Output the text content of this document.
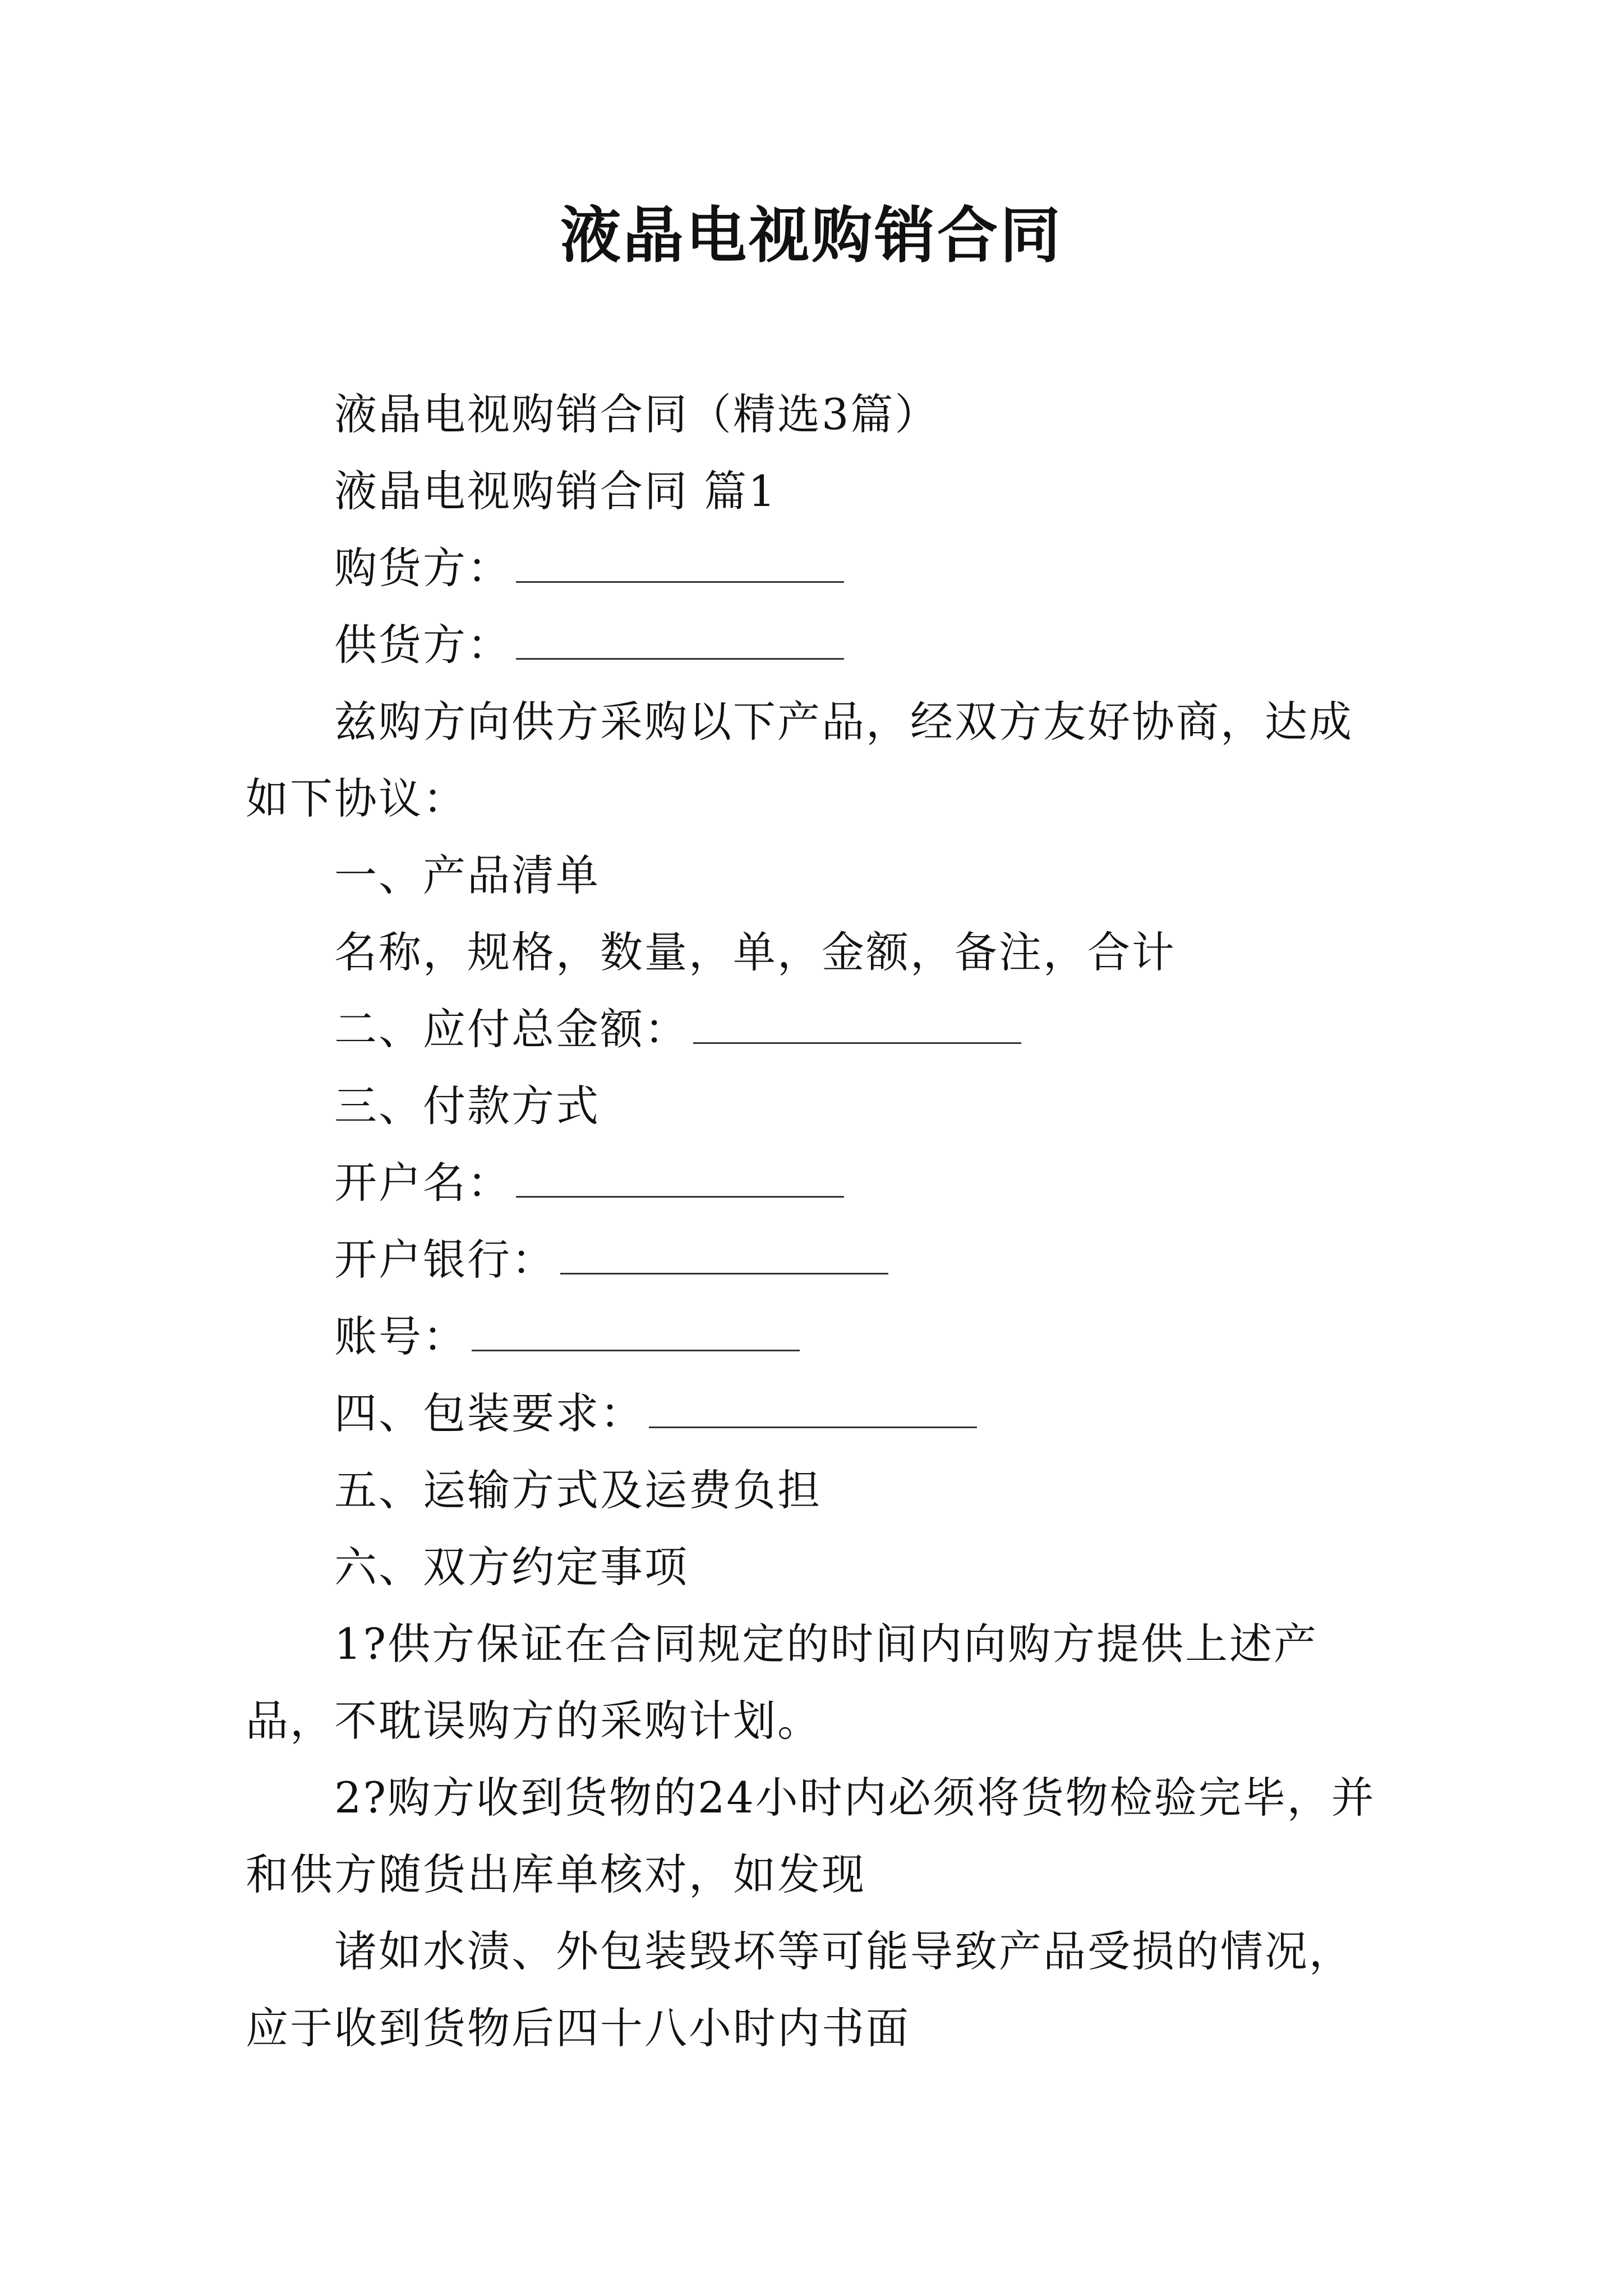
液晶电视购销合同

液晶电视购销合同（精选3篇）

液晶电视购销合同 篇1

购货方：
供货方：

兹购方向供方采购以下产品，经双方友好协商，达成如下协议：

一、产品清单

名称，规格，数量，单，金额，备注，合计

二、应付总金额：

三、付款方式

开户名：
开户银行：
账号：
四、包装要求：

五、运输方式及运费负担

六、双方约定事项

1?供方保证在合同规定的时间内向购方提供上述产品，不耽误购方的采购计划。

2?购方收到货物的24小时内必须将货物检验完毕，并和供方随货出库单核对，如发现

诸如水渍、外包装毁坏等可能导致产品受损的情况，应于收到货物后四十八小时内书面
